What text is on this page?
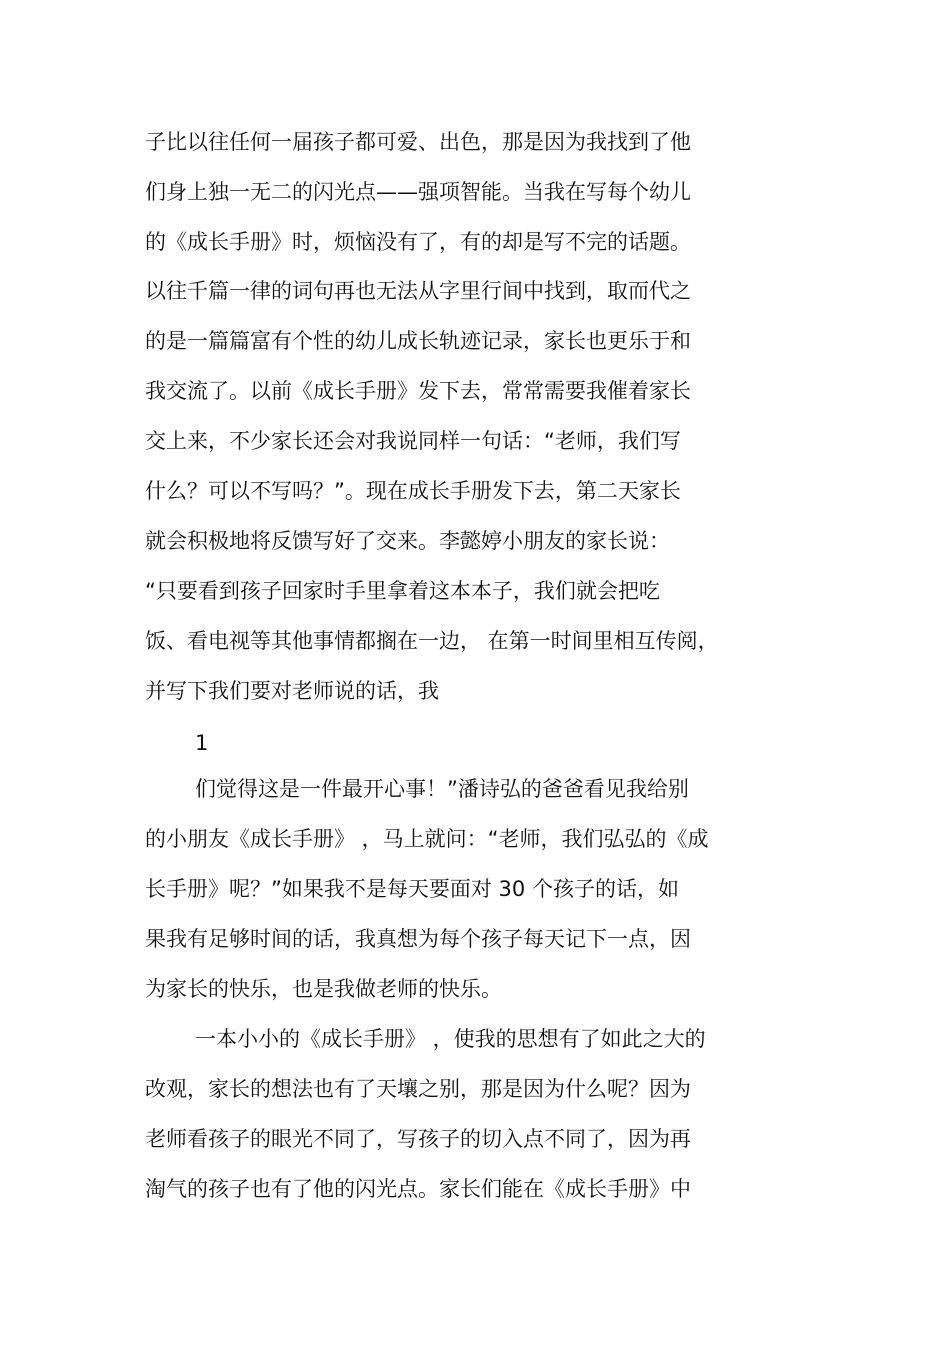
子比以往任何一届孩子都可爱、出色，那是因为我找到了他
们身上独一无二的闪光点——强项智能。当我在写每个幼儿
的《成长手册》时，烦恼没有了，有的却是写不完的话题。
以往千篇一律的词句再也无法从字里行间中找到，取而代之
的是一篇篇富有个性的幼儿成长轨迹记录，家长也更乐于和
我交流了。以前《成长手册》发下去，常常需要我催着家长
交上来，不少家长还会对我说同样一句话：“老师，我们写
什么？可以不写吗？”。现在成长手册发下去，第二天家长
就会积极地将反馈写好了交来。李懿婷小朋友的家长说：
“只要看到孩子回家时手里拿着这本本子，我们就会把吃
饭、看电视等其他事情都搁在一边， 在第一时间里相互传阅，
并写下我们要对老师说的话，我
1
们觉得这是一件最开心事！”潘诗弘的爸爸看见我给别
的小朋友《成长手册》 ，马上就问：“老师，我们弘弘的《成
长手册》呢？”如果我不是每天要面对 30 个孩子的话，如
果我有足够时间的话，我真想为每个孩子每天记下一点，因
为家长的快乐，也是我做老师的快乐。
一本小小的《成长手册》 ，使我的思想有了如此之大的
改观，家长的想法也有了天壤之别，那是因为什么呢？因为
老师看孩子的眼光不同了，写孩子的切入点不同了，因为再
淘气的孩子也有了他的闪光点。家长们能在《成长手册》中
